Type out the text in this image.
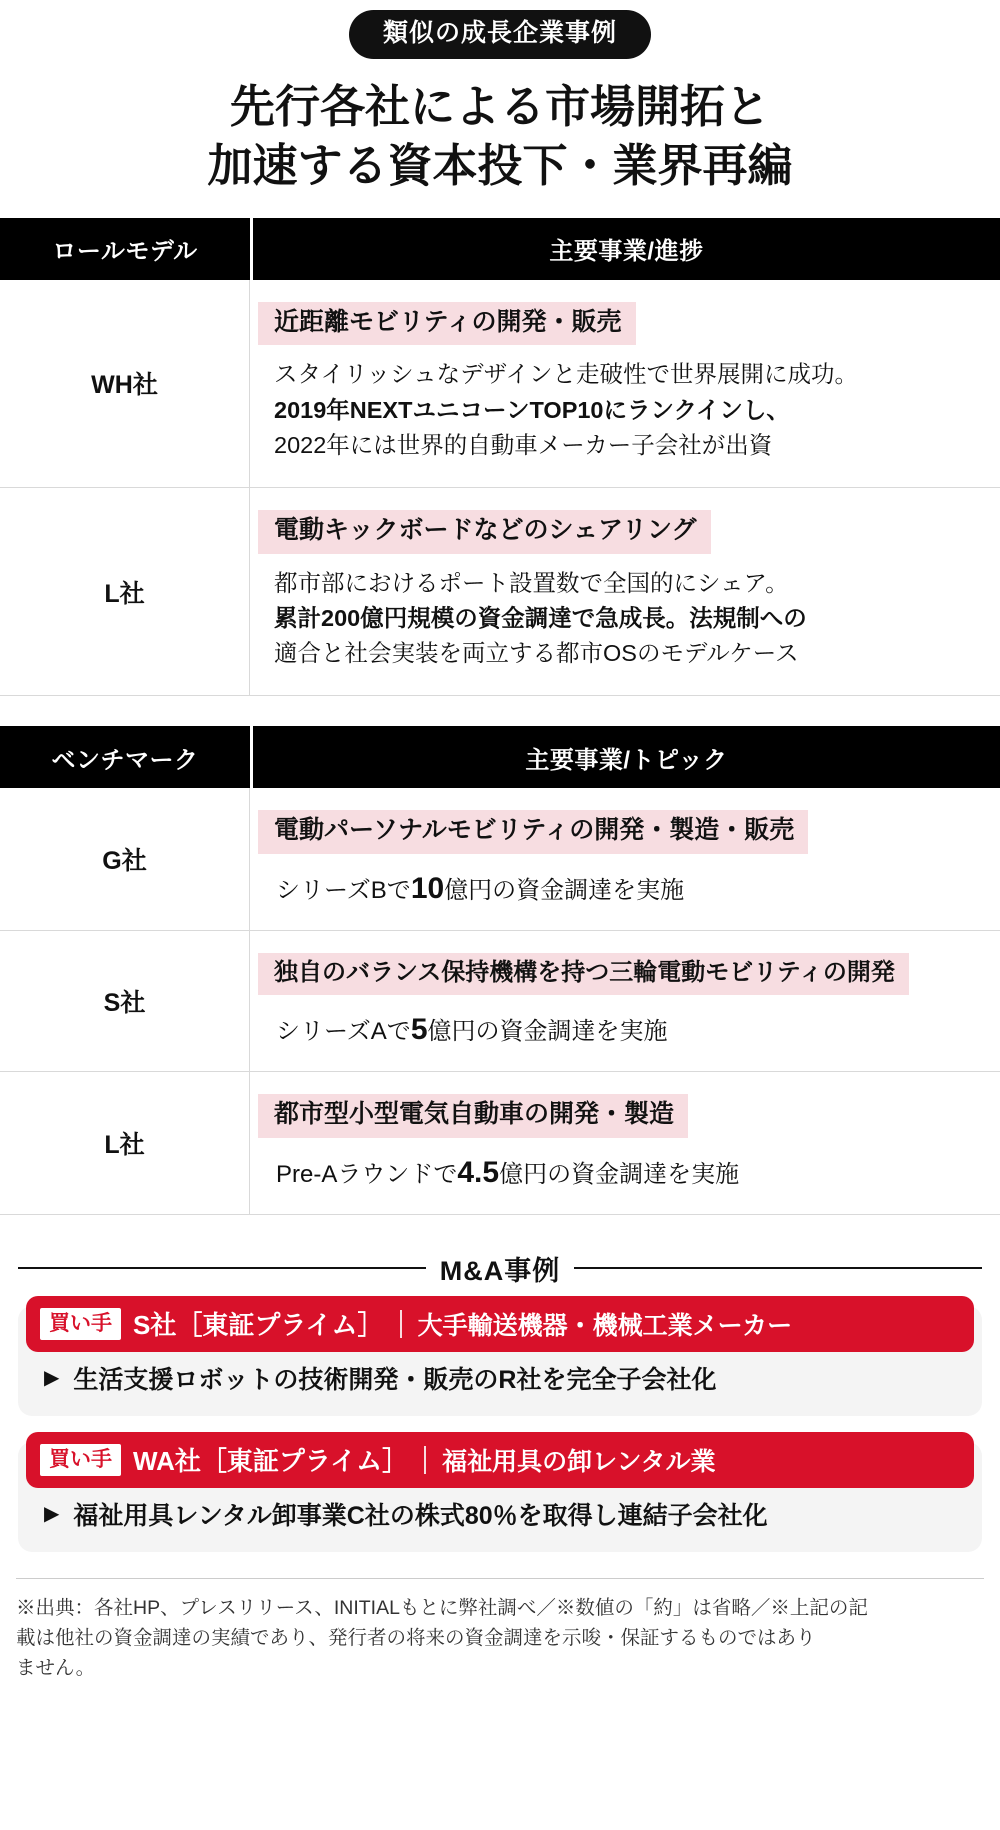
類似の成長企業事例
先行各社による市場開拓と
加速する資本投下・業界再編
ロールモデル	主要事業/進捗
WH社
近距離モビリティの開発・販売
スタイリッシュなデザインと走破性で世界展開に成功。
2019年NEXTユニコーンTOP10にランクインし、
2022年には世界的自動車メーカー子会社が出資
L社
電動キックボードなどのシェアリング
都市部におけるポート設置数で全国的にシェア。
累計200億円規模の資金調達で急成長。法規制への
適合と社会実装を両立する都市OSのモデルケース
ベンチマーク	主要事業/トピック
G社
電動パーソナルモビリティの開発・製造・販売
シリーズBで10億円の資金調達を実施
S社
独自のバランス保持機構を持つ三輪電動モビリティの開発
シリーズAで5億円の資金調達を実施
L社
都市型小型電気自動車の開発・製造
Pre-Aラウンドで4.5億円の資金調達を実施
M&A事例
買い手 S社［東証プライム］ 大手輸送機器・機械工業メーカー
▶ 生活支援ロボットの技術開発・販売のR社を完全子会社化
買い手 WA社［東証プライム］ 福祉用具の卸レンタル業
▶ 福祉用具レンタル卸事業C社の株式80％を取得し連結子会社化
※出典：各社HP、プレスリリース、INITIALもとに弊社調べ／※数値の「約」は省略／※上記の記
載は他社の資金調達の実績であり、発行者の将来の資金調達を示唆・保証するものではあり
ません。
